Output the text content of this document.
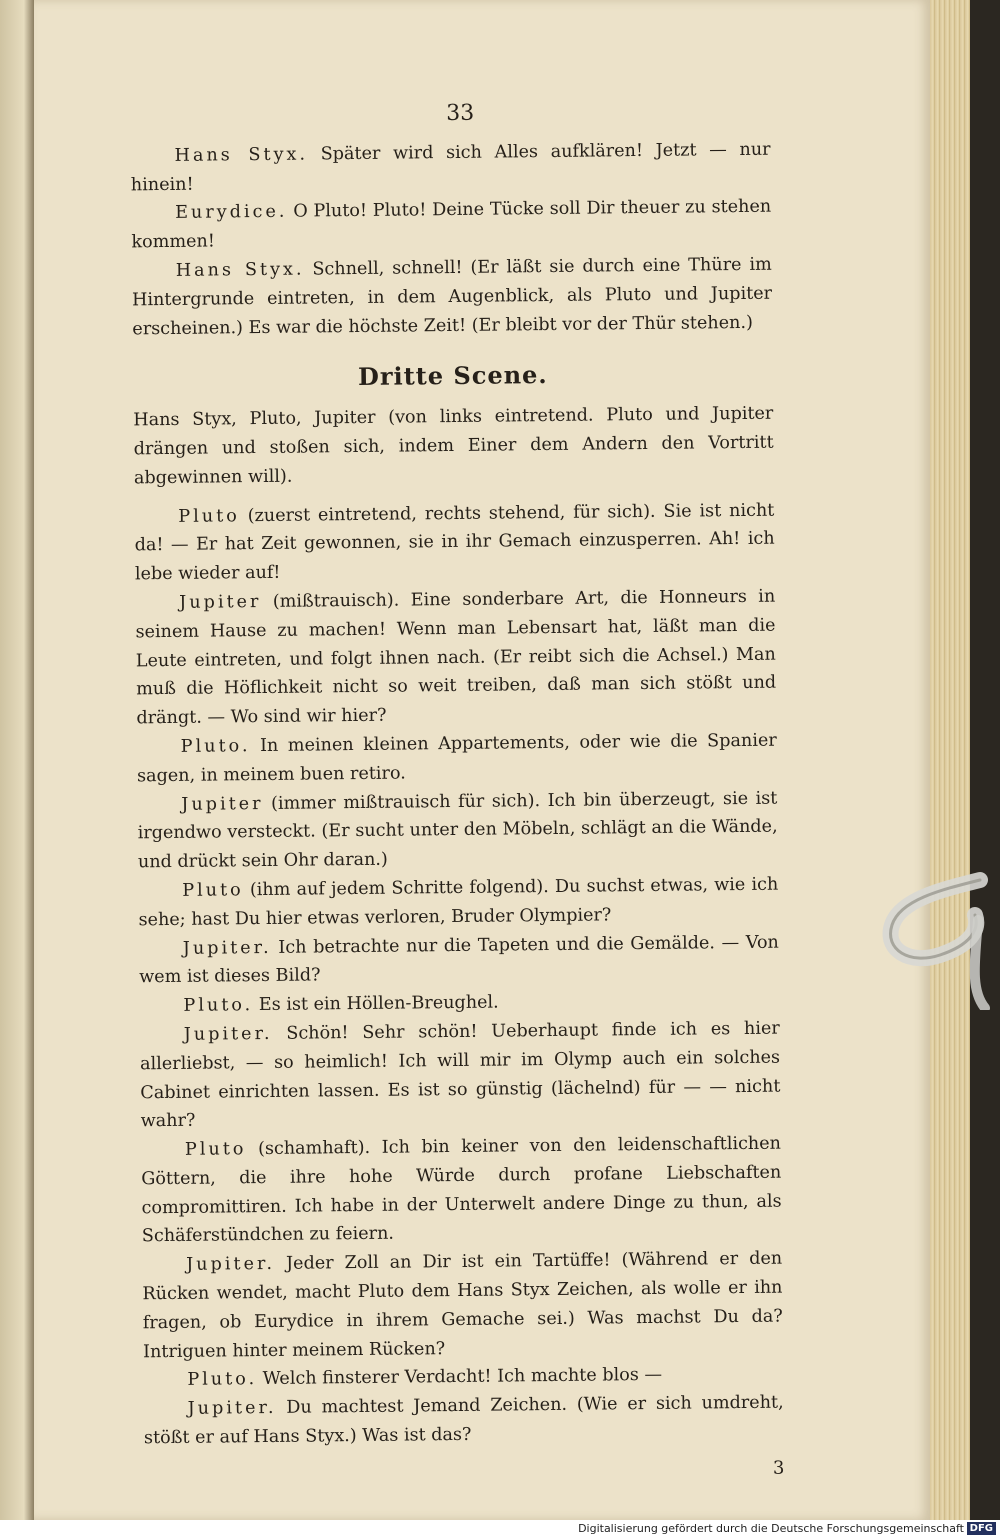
33

Hans Styx. Später wird sich Alles aufklären! Jetzt — nur hinein!

Eurydice. O Pluto! Pluto! Deine Tücke soll Dir theuer zu stehen kommen!

Hans Styx. Schnell, schnell! (Er läßt sie durch eine Thüre im Hintergrunde eintreten, in dem Augenblick, als Pluto und Jupiter erscheinen.) Es war die höchste Zeit! (Er bleibt vor der Thür stehen.)

Dritte Scene.

Hans Styx, Pluto, Jupiter (von links eintretend. Pluto und Jupiter drängen und stoßen sich, indem Einer dem Andern den Vortritt abgewinnen will).

Pluto (zuerst eintretend, rechts stehend, für sich). Sie ist nicht da! — Er hat Zeit gewonnen, sie in ihr Gemach einzusperren. Ah! ich lebe wieder auf!

Jupiter (mißtrauisch). Eine sonderbare Art, die Honneurs in seinem Hause zu machen! Wenn man Lebensart hat, läßt man die Leute eintreten, und folgt ihnen nach. (Er reibt sich die Achsel.) Man muß die Höflichkeit nicht so weit treiben, daß man sich stößt und drängt. — Wo sind wir hier?

Pluto. In meinen kleinen Appartements, oder wie die Spanier sagen, in meinem buen retiro.

Jupiter (immer mißtrauisch für sich). Ich bin überzeugt, sie ist irgendwo versteckt. (Er sucht unter den Möbeln, schlägt an die Wände, und drückt sein Ohr daran.)

Pluto (ihm auf jedem Schritte folgend). Du suchst etwas, wie ich sehe; hast Du hier etwas verloren, Bruder Olympier?

Jupiter. Ich betrachte nur die Tapeten und die Gemälde. — Von wem ist dieses Bild?

Pluto. Es ist ein Höllen-Breughel.

Jupiter. Schön! Sehr schön! Ueberhaupt finde ich es hier allerliebst, — so heimlich! Ich will mir im Olymp auch ein solches Cabinet einrichten lassen. Es ist so günstig (lächelnd) für — — nicht wahr?

Pluto (schamhaft). Ich bin keiner von den leidenschaftlichen Göttern, die ihre hohe Würde durch profane Liebschaften compromittiren. Ich habe in der Unterwelt andere Dinge zu thun, als Schäferstündchen zu feiern.

Jupiter. Jeder Zoll an Dir ist ein Tartüffe! (Während er den Rücken wendet, macht Pluto dem Hans Styx Zeichen, als wolle er ihn fragen, ob Eurydice in ihrem Gemache sei.) Was machst Du da? Intriguen hinter meinem Rücken?

Pluto. Welch finsterer Verdacht! Ich machte blos —

Jupiter. Du machtest Jemand Zeichen. (Wie er sich umdreht, stößt er auf Hans Styx.) Was ist das?

3
Digitalisierung gefördert durch die Deutsche Forschungsgemeinschaft DFG
